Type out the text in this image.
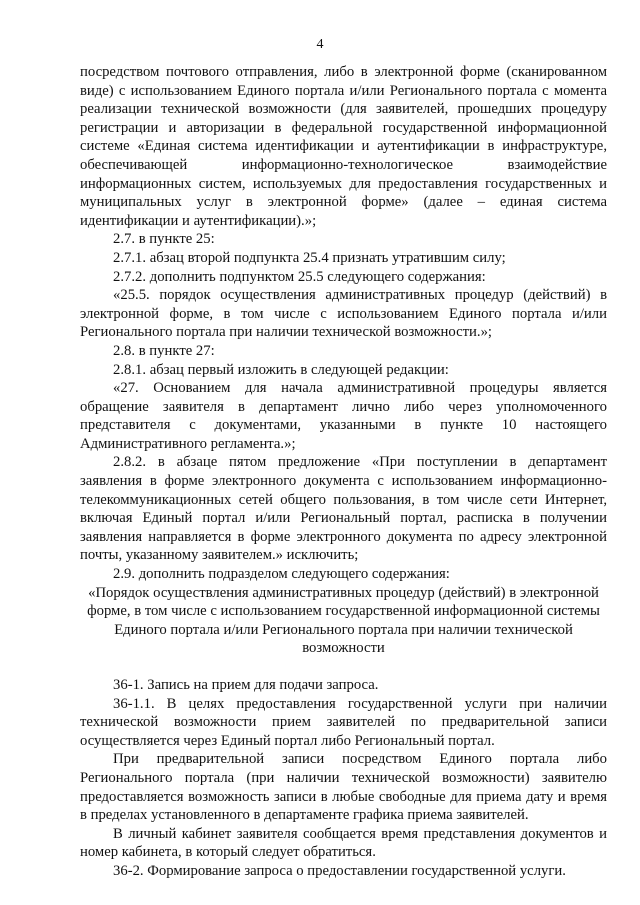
4

посредством почтового отправления, либо в электронной форме (сканированном виде) с использованием Единого портала и/или Регионального портала с момента реализации технической возможности (для заявителей, прошедших процедуру регистрации и авторизации в федеральной государственной информационной системе «Единая система идентификации и аутентификации в инфраструктуре, обеспечивающей информационно-технологическое взаимодействие информационных систем, используемых для предоставления государственных и муниципальных услуг в электронной форме» (далее – единая система идентификации и аутентификации).»;

2.7. в пункте 25:

2.7.1. абзац второй подпункта 25.4 признать утратившим силу;

2.7.2. дополнить подпунктом 25.5 следующего содержания:

«25.5. порядок осуществления административных процедур (действий) в электронной форме, в том числе с использованием Единого портала и/или Регионального портала при наличии технической возможности.»;

2.8. в пункте 27:

2.8.1. абзац первый изложить в следующей редакции:

«27. Основанием для начала административной процедуры является обращение заявителя в департамент лично либо через уполномоченного представителя с документами, указанными в пункте 10 настоящего Административного регламента.»;

2.8.2. в абзаце пятом предложение «При поступлении в департамент заявления в форме электронного документа с использованием информационно-телекоммуникационных сетей общего пользования, в том числе сети Интернет, включая Единый портал и/или Региональный портал, расписка в получении заявления направляется в форме электронного документа по адресу электронной почты, указанному заявителем.» исключить;

2.9. дополнить подразделом следующего содержания:

«Порядок осуществления административных процедур (действий) в электронной форме, в том числе с использованием государственной информационной системы Единого портала и/или Регионального портала при наличии технической возможности

36-1. Запись на прием для подачи запроса.

36-1.1. В целях предоставления государственной услуги при наличии технической возможности прием заявителей по предварительной записи осуществляется через Единый портал либо Региональный портал.

При предварительной записи посредством Единого портала либо Регионального портала (при наличии технической возможности) заявителю предоставляется возможность записи в любые свободные для приема дату и время в пределах установленного в департаменте графика приема заявителей.

В личный кабинет заявителя сообщается время представления документов и номер кабинета, в который следует обратиться.

36-2. Формирование запроса о предоставлении государственной услуги.
